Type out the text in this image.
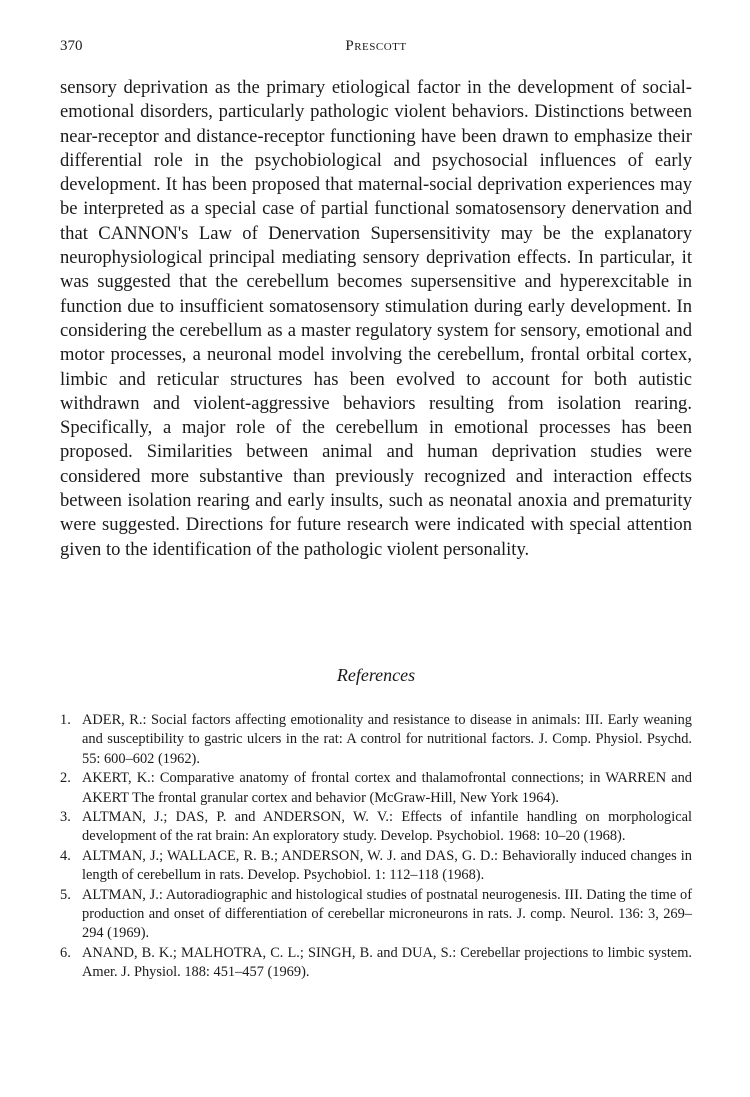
370	Prescott

sensory deprivation as the primary etiological factor in the development of social-emotional disorders, particularly pathologic violent behaviors. Distinctions between near-receptor and distance-receptor functioning have been drawn to emphasize their differential role in the psychobiological and psychosocial influences of early development. It has been proposed that maternal-social deprivation experiences may be interpreted as a special case of partial functional somatosensory denervation and that CANNON's Law of Denervation Supersensitivity may be the explanatory neurophysiological principal mediating sensory deprivation effects. In particular, it was suggested that the cerebellum becomes supersensitive and hyperexcitable in function due to insufficient somatosensory stimulation during early development. In considering the cerebellum as a master regulatory system for sensory, emotional and motor processes, a neuronal model involving the cerebellum, frontal orbital cortex, limbic and reticular structures has been evolved to account for both autistic withdrawn and violent-aggressive behaviors resulting from isolation rearing. Specifically, a major role of the cerebellum in emotional processes has been proposed. Similarities between animal and human deprivation studies were considered more substantive than previously recognized and interaction effects between isolation rearing and early insults, such as neonatal anoxia and prematurity were suggested. Directions for future research were indicated with special attention given to the identification of the pathologic violent personality.

References
1. ADER, R.: Social factors affecting emotionality and resistance to disease in animals: III. Early weaning and susceptibility to gastric ulcers in the rat: A control for nutritional factors. J. Comp. Physiol. Psychd. 55: 600–602 (1962).
2. AKERT, K.: Comparative anatomy of frontal cortex and thalamofrontal connections; in WARREN and AKERT The frontal granular cortex and behavior (McGraw-Hill, New York 1964).
3. ALTMAN, J.; DAS, P. and ANDERSON, W. V.: Effects of infantile handling on morphological development of the rat brain: An exploratory study. Develop. Psychobiol. 1968: 10–20 (1968).
4. ALTMAN, J.; WALLACE, R. B.; ANDERSON, W. J. and DAS, G. D.: Behaviorally induced changes in length of cerebellum in rats. Develop. Psychobiol. 1: 112–118 (1968).
5. ALTMAN, J.: Autoradiographic and histological studies of postnatal neurogenesis. III. Dating the time of production and onset of differentiation of cerebellar microneurons in rats. J. comp. Neurol. 136: 3, 269–294 (1969).
6. ANAND, B. K.; MALHOTRA, C. L.; SINGH, B. and DUA, S.: Cerebellar projections to limbic system. Amer. J. Physiol. 188: 451–457 (1969).
